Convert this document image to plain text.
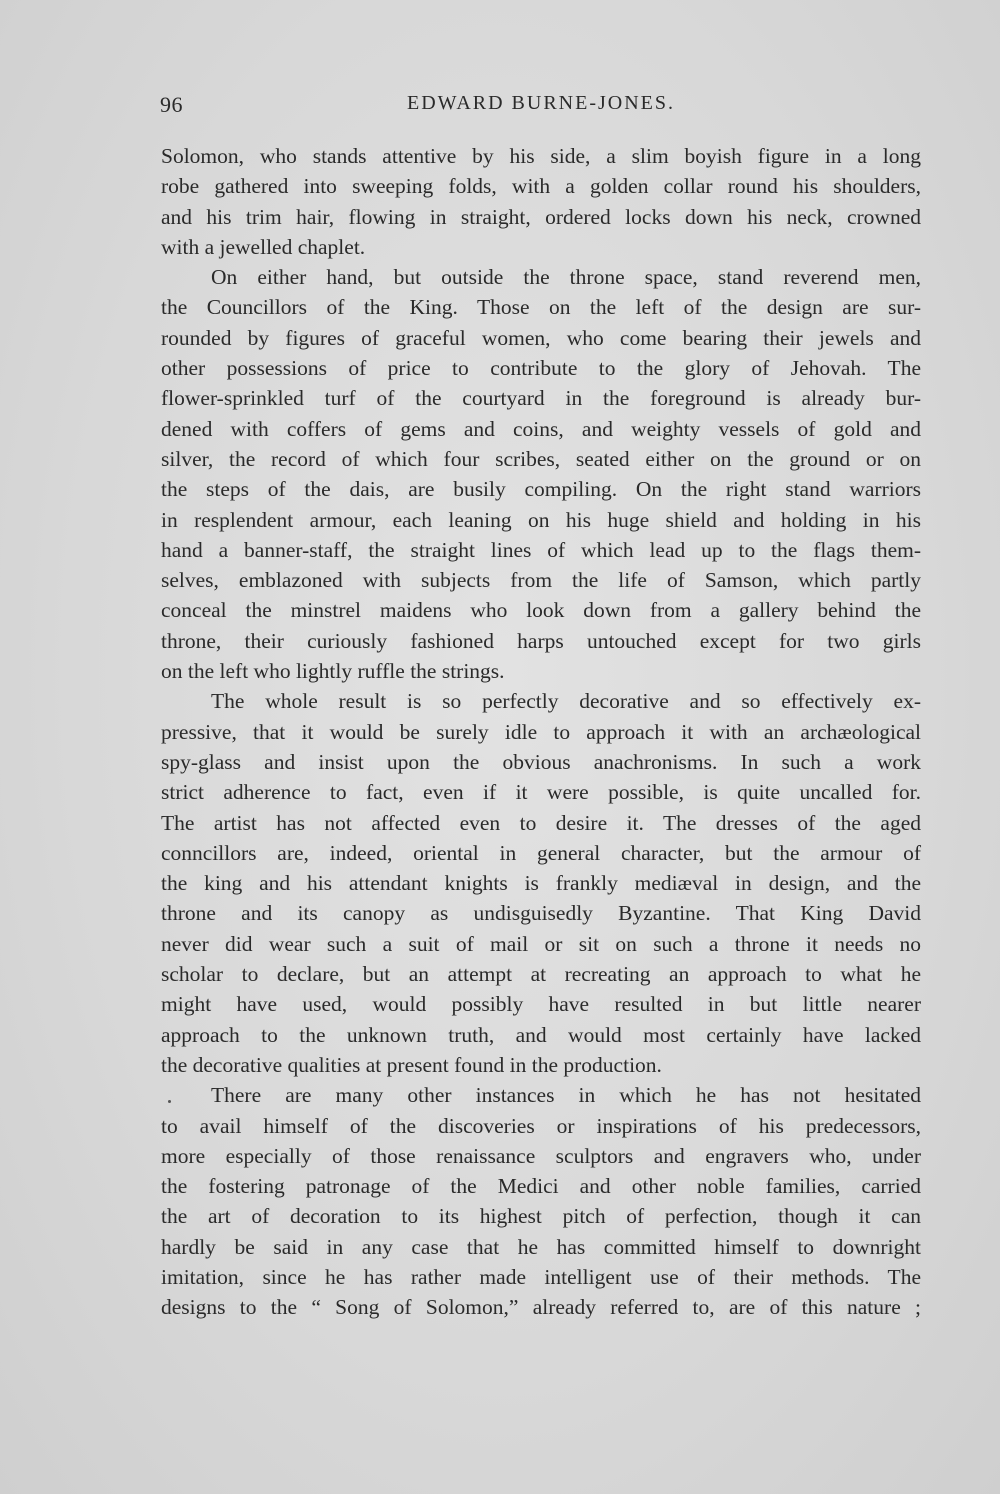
96	EDWARD BURNE-JONES.
Solomon, who stands attentive by his side, a slim boyish figure in a long
robe gathered into sweeping folds, with a golden collar round his shoulders,
and his trim hair, flowing in straight, ordered locks down his neck, crowned
with a jewelled chaplet.
On either hand, but outside the throne space, stand reverend men,
the Councillors of the King. Those on the left of the design are sur-
rounded by figures of graceful women, who come bearing their jewels and
other possessions of price to contribute to the glory of Jehovah. The
flower-sprinkled turf of the courtyard in the foreground is already bur-
dened with coffers of gems and coins, and weighty vessels of gold and
silver, the record of which four scribes, seated either on the ground or on
the steps of the dais, are busily compiling. On the right stand warriors
in resplendent armour, each leaning on his huge shield and holding in his
hand a banner-staff, the straight lines of which lead up to the flags them-
selves, emblazoned with subjects from the life of Samson, which partly
conceal the minstrel maidens who look down from a gallery behind the
throne, their curiously fashioned harps untouched except for two girls
on the left who lightly ruffle the strings.
The whole result is so perfectly decorative and so effectively ex-
pressive, that it would be surely idle to approach it with an archæological
spy-glass and insist upon the obvious anachronisms. In such a work
strict adherence to fact, even if it were possible, is quite uncalled for.
The artist has not affected even to desire it. The dresses of the aged
conncillors are, indeed, oriental in general character, but the armour of
the king and his attendant knights is frankly mediæval in design, and the
throne and its canopy as undisguisedly Byzantine. That King David
never did wear such a suit of mail or sit on such a throne it needs no
scholar to declare, but an attempt at recreating an approach to what he
might have used, would possibly have resulted in but little nearer
approach to the unknown truth, and would most certainly have lacked
the decorative qualities at present found in the production.
There are many other instances in which he has not hesitated
to avail himself of the discoveries or inspirations of his predecessors,
more especially of those renaissance sculptors and engravers who, under
the fostering patronage of the Medici and other noble families, carried
the art of decoration to its highest pitch of perfection, though it can
hardly be said in any case that he has committed himself to downright
imitation, since he has rather made intelligent use of their methods. The
designs to the “ Song of Solomon,” already referred to, are of this nature ;
